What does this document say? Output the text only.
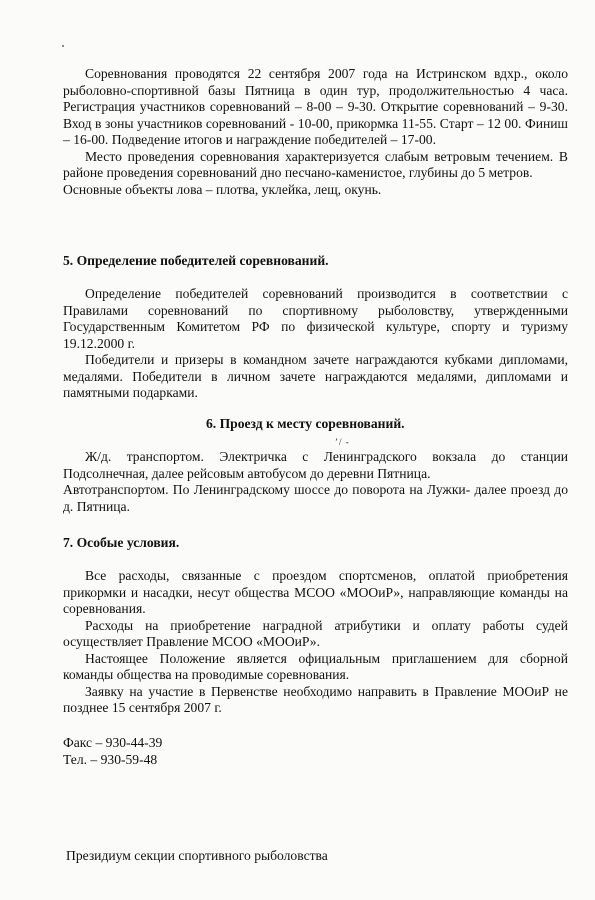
Соревнования проводятся 22 сентября 2007 года на Истринском вдхр., около рыболовно-спортивной базы Пятница в один тур, продолжительностью 4 часа. Регистрация участников соревнований – 8-00 – 9-30. Открытие соревнований – 9-30. Вход в зоны участников соревнований - 10-00, прикормка 11-55. Старт – 12 00. Финиш – 16-00. Подведение итогов и награждение победителей – 17-00.

Место проведения соревнования характеризуется слабым ветровым течением. В районе проведения соревнований дно песчано-каменистое, глубины до 5 метров.

Основные объекты лова – плотва, уклейка, лещ, окунь.

5. Определение победителей соревнований.

Определение победителей соревнований производится в соответствии с Правилами соревнований по спортивному рыболовству, утвержденными Государственным Комитетом РФ по физической культуре, спорту и туризму 19.12.2000 г.

Победители и призеры в командном зачете награждаются кубками дипломами, медалями. Победители в личном зачете награждаются медалями, дипломами и памятными подарками.

6. Проезд к месту соревнований.
ʼ/ -

Ж/д. транспортом. Электричка с Ленинградского вокзала до станции Подсолнечная, далее рейсовым автобусом до деревни Пятница.

Автотранспортом. По Ленинградскому шоссе до поворота на Лужки- далее проезд до д. Пятница.

7. Особые условия.

Все расходы, связанные с проездом спортсменов, оплатой приобретения прикормки и насадки, несут общества МСОО «МООиР», направляющие команды на соревнования.

Расходы на приобретение наградной атрибутики и оплату работы судей осуществляет Правление МСОО «МООиР».

Настоящее Положение является официальным приглашением для сборной команды общества на проводимые соревнования.

Заявку на участие в Первенстве необходимо направить в Правление МООиР не позднее 15 сентября 2007 г.

Факс – 930-44-39
Тел. – 930-59-48
Президиум секции спортивного рыболовства
